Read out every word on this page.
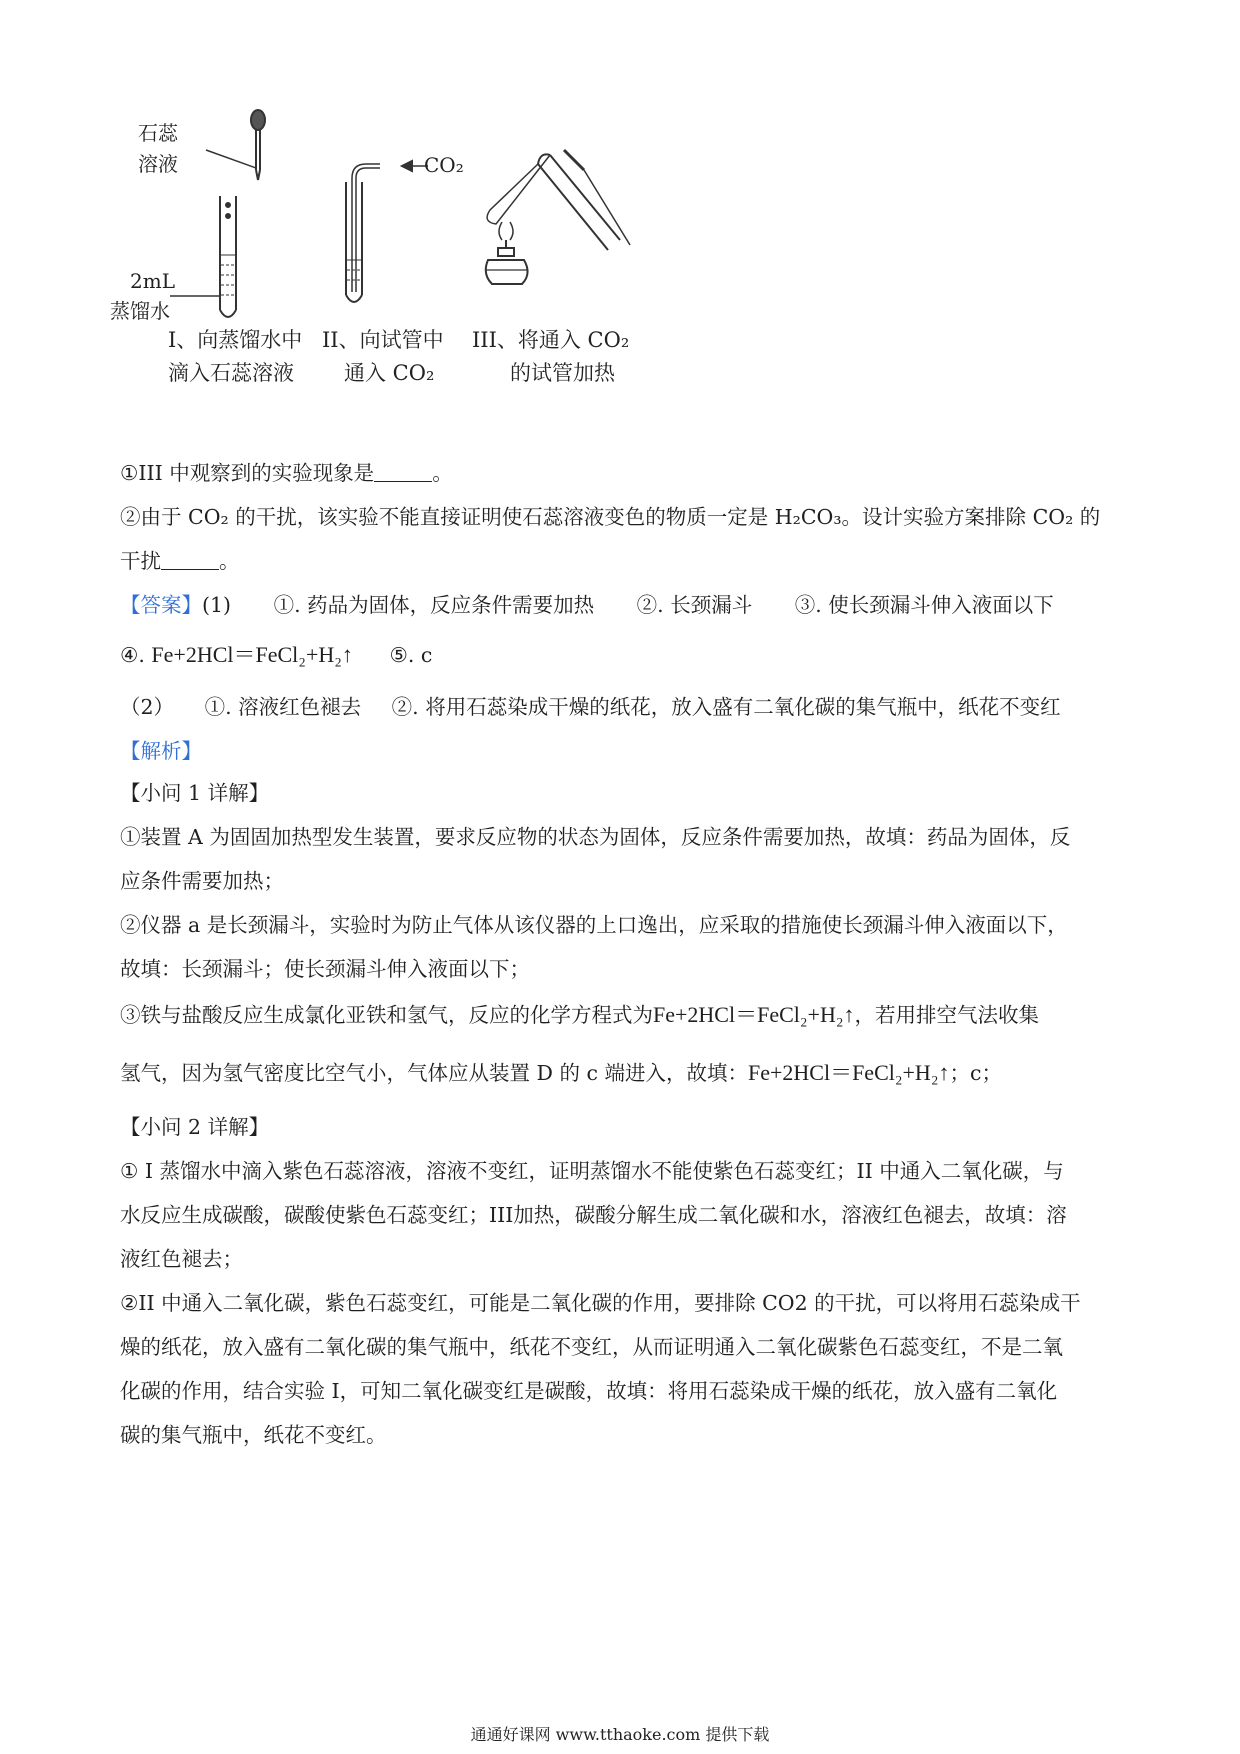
石蕊
溶液
2mL
蒸馏水
CO₂
I、向蒸馏水中
滴入石蕊溶液
II、向试管中
通入 CO₂
III、将通入 CO₂
的试管加热
①III 中观察到的实验现象是	。
②由于 CO₂ 的干扰，该实验不能直接证明使石蕊溶液变色的物质一定是 H₂CO₃。设计实验方案排除 CO₂ 的
干扰	。
【答案】(1) ①. 药品为固体，反应条件需要加热 ②. 长颈漏斗 ③. 使长颈漏斗伸入液面以下
④. Fe+2HCl＝FeCl₂+H₂↑ ⑤. c
（2） ①. 溶液红色褪去 ②. 将用石蕊染成干燥的纸花，放入盛有二氧化碳的集气瓶中，纸花不变红
【解析】
【小问 1 详解】
①装置 A 为固固加热型发生装置，要求反应物的状态为固体，反应条件需要加热，故填：药品为固体，反
应条件需要加热；
②仪器 a 是长颈漏斗，实验时为防止气体从该仪器的上口逸出，应采取的措施使长颈漏斗伸入液面以下，
故填：长颈漏斗；使长颈漏斗伸入液面以下；
③铁与盐酸反应生成氯化亚铁和氢气，反应的化学方程式为Fe+2HCl＝FeCl₂+H₂↑，若用排空气法收集
氢气，因为氢气密度比空气小，气体应从装置 D 的 c 端进入，故填：Fe+2HCl＝FeCl₂+H₂↑；c；
【小问 2 详解】
① I 蒸馏水中滴入紫色石蕊溶液，溶液不变红，证明蒸馏水不能使紫色石蕊变红；II 中通入二氧化碳，与
水反应生成碳酸，碳酸使紫色石蕊变红；III加热，碳酸分解生成二氧化碳和水，溶液红色褪去，故填：溶
液红色褪去；
②II 中通入二氧化碳，紫色石蕊变红，可能是二氧化碳的作用，要排除 CO2 的干扰，可以将用石蕊染成干
燥的纸花，放入盛有二氧化碳的集气瓶中，纸花不变红，从而证明通入二氧化碳紫色石蕊变红，不是二氧
化碳的作用，结合实验 I，可知二氧化碳变红是碳酸，故填：将用石蕊染成干燥的纸花，放入盛有二氧化
碳的集气瓶中，纸花不变红。
通通好课网 www.tthaoke.com 提供下载
